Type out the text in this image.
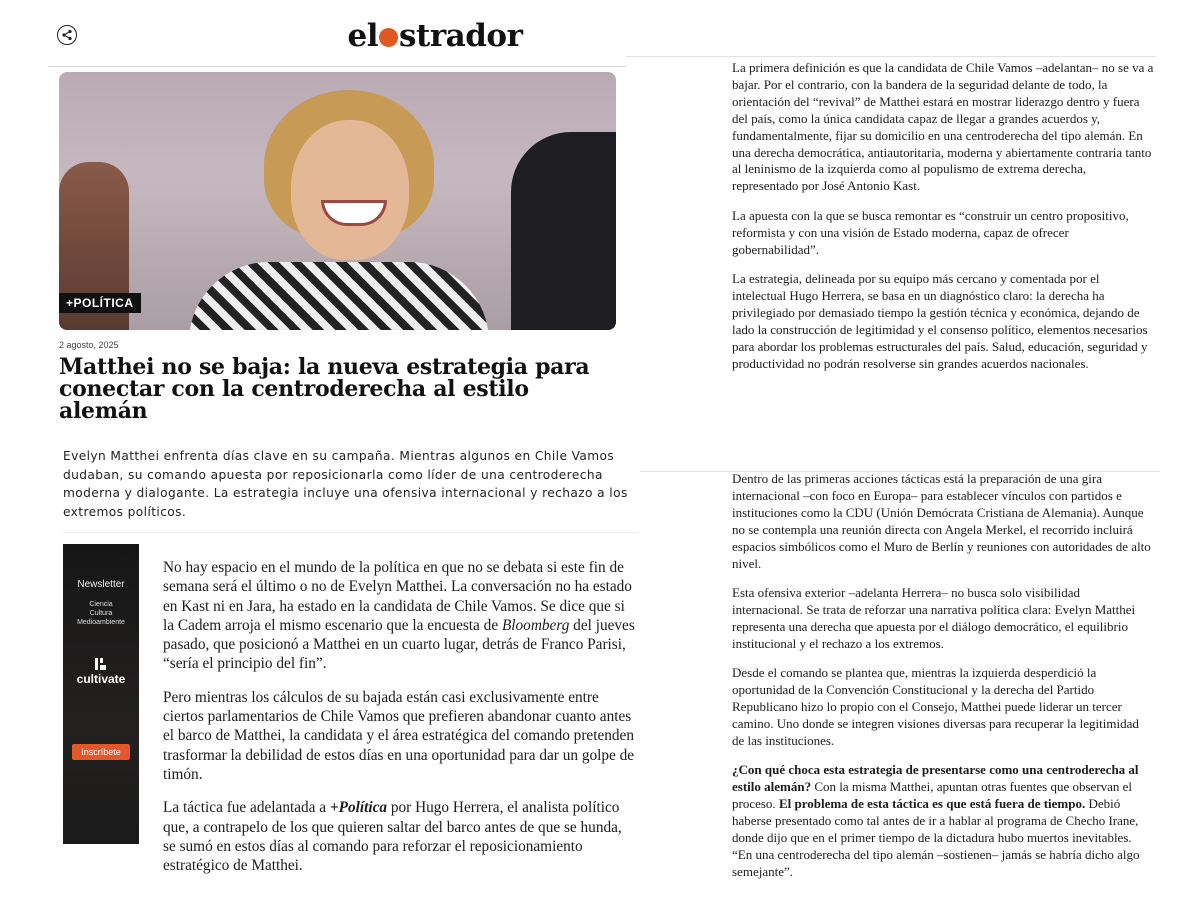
el strador
+POLÍTICA
2 agosto, 2025
Matthei no se baja: la nueva estrategia para conectar con la centroderecha al estilo alemán
Evelyn Matthei enfrenta días clave en su campaña. Mientras algunos en Chile Vamos dudaban, su comando apuesta por reposicionarla como líder de una centroderecha moderna y dialogante. La estrategia incluye una ofensiva internacional y rechazo a los extremos políticos.
Newsletter
Ciencia
Cultura
Medioambiente
cultivate
Inscríbete

No hay espacio en el mundo de la política en que no se debata si este fin de semana será el último o no de Evelyn Matthei. La conversación no ha estado en Kast ni en Jara, ha estado en la candidata de Chile Vamos. Se dice que si la Cadem arroja el mismo escenario que la encuesta de Bloomberg del jueves pasado, que posicionó a Matthei en un cuarto lugar, detrás de Franco Parisi, “sería el principio del fin”.

Pero mientras los cálculos de su bajada están casi exclusivamente entre ciertos parlamentarios de Chile Vamos que prefieren abandonar cuanto antes el barco de Matthei, la candidata y el área estratégica del comando pretenden trasformar la debilidad de estos días en una oportunidad para dar un golpe de timón.

La táctica fue adelantada a +Política por Hugo Herrera, el analista político que, a contrapelo de los que quieren saltar del barco antes de que se hunda, se sumó en estos días al comando para reforzar el reposicionamiento estratégico de Matthei.

La primera definición es que la candidata de Chile Vamos –adelantan– no se va a bajar. Por el contrario, con la bandera de la seguridad delante de todo, la orientación del “revival” de Matthei estará en mostrar liderazgo dentro y fuera del país, como la única candidata capaz de llegar a grandes acuerdos y, fundamentalmente, fijar su domicilio en una centroderecha del tipo alemán. En una derecha democrática, antiautoritaria, moderna y abiertamente contraria tanto al leninismo de la izquierda como al populismo de extrema derecha, representado por José Antonio Kast.

La apuesta con la que se busca remontar es “construir un centro propositivo, reformista y con una visión de Estado moderna, capaz de ofrecer gobernabilidad”.

La estrategia, delineada por su equipo más cercano y comentada por el intelectual Hugo Herrera, se basa en un diagnóstico claro: la derecha ha privilegiado por demasiado tiempo la gestión técnica y económica, dejando de lado la construcción de legitimidad y el consenso político, elementos necesarios para abordar los problemas estructurales del país. Salud, educación, seguridad y productividad no podrán resolverse sin grandes acuerdos nacionales.

Dentro de las primeras acciones tácticas está la preparación de una gira internacional –con foco en Europa– para establecer vínculos con partidos e instituciones como la CDU (Unión Demócrata Cristiana de Alemania). Aunque no se contempla una reunión directa con Angela Merkel, el recorrido incluirá espacios simbólicos como el Muro de Berlín y reuniones con autoridades de alto nivel.

Esta ofensiva exterior –adelanta Herrera– no busca solo visibilidad internacional. Se trata de reforzar una narrativa política clara: Evelyn Matthei representa una derecha que apuesta por el diálogo democrático, el equilibrio institucional y el rechazo a los extremos.

Desde el comando se plantea que, mientras la izquierda desperdició la oportunidad de la Convención Constitucional y la derecha del Partido Republicano hizo lo propio con el Consejo, Matthei puede liderar un tercer camino. Uno donde se integren visiones diversas para recuperar la legitimidad de las instituciones.

¿Con qué choca esta estrategia de presentarse como una centroderecha al estilo alemán? Con la misma Matthei, apuntan otras fuentes que observan el proceso. El problema de esta táctica es que está fuera de tiempo. Debió haberse presentado como tal antes de ir a hablar al programa de Checho Irane, donde dijo que en el primer tiempo de la dictadura hubo muertos inevitables. “En una centroderecha del tipo alemán –sostienen– jamás se habría dicho algo semejante”.
